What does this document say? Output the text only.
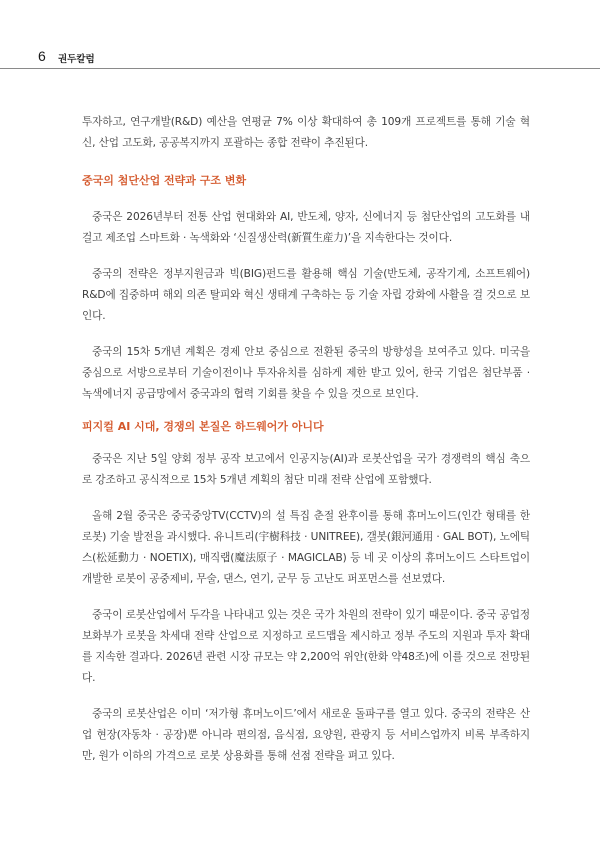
6 권두칼럼

투자하고, 연구개발(R&D) 예산을 연평균 7% 이상 확대하여 총 109개 프로젝트를 통해 기술 혁신, 산업 고도화, 공공복지까지 포괄하는 종합 전략이 추진된다.

중국의 첨단산업 전략과 구조 변화

중국은 2026년부터 전통 산업 현대화와 AI, 반도체, 양자, 신에너지 등 첨단산업의 고도화를 내걸고 제조업 스마트화 · 녹색화와 ‘신질생산력(新質生産力)’을 지속한다는 것이다.

중국의 전략은 정부지원금과 빅(BIG)펀드를 활용해 핵심 기술(반도체, 공작기계, 소프트웨어) R&D에 집중하며 해외 의존 탈피와 혁신 생태계 구축하는 등 기술 자립 강화에 사활을 걸 것으로 보인다.

중국의 15차 5개년 계획은 경제 안보 중심으로 전환된 중국의 방향성을 보여주고 있다. 미국을 중심으로 서방으로부터 기술이전이나 투자유치를 심하게 제한 받고 있어, 한국 기업은 첨단부품 · 녹색에너지 공급망에서 중국과의 협력 기회를 찾을 수 있을 것으로 보인다.

피지컬 AI 시대, 경쟁의 본질은 하드웨어가 아니다

중국은 지난 5일 양회 정부 공작 보고에서 인공지능(AI)과 로봇산업을 국가 경쟁력의 핵심 축으로 강조하고 공식적으로 15차 5개년 계획의 첨단 미래 전략 산업에 포함했다.

올해 2월 중국은 중국중앙TV(CCTV)의 설 특집 춘절 완후이를 통해 휴머노이드(인간 형태를 한 로봇) 기술 발전을 과시했다. 유니트리(宇樹科技 · UNITREE), 갤봇(銀河通用 · GAL BOT), 노에틱스(松延動力 · NOETIX), 매직랩(魔法原子 · MAGICLAB) 등 네 곳 이상의 휴머노이드 스타트업이 개발한 로봇이 공중제비, 무술, 댄스, 연기, 군무 등 고난도 퍼포먼스를 선보였다.

중국이 로봇산업에서 두각을 나타내고 있는 것은 국가 차원의 전략이 있기 때문이다. 중국 공업정보화부가 로봇을 차세대 전략 산업으로 지정하고 로드맵을 제시하고 정부 주도의 지원과 투자 확대를 지속한 결과다. 2026년 관련 시장 규모는 약 2,200억 위안(한화 약48조)에 이를 것으로 전망된다.

중국의 로봇산업은 이미 ‘저가형 휴머노이드’에서 새로운 돌파구를 열고 있다. 중국의 전략은 산업 현장(자동차 · 공장)뿐 아니라 편의점, 음식점, 요양원, 관광지 등 서비스업까지 비록 부족하지만, 원가 이하의 가격으로 로봇 상용화를 통해 선점 전략을 펴고 있다.
